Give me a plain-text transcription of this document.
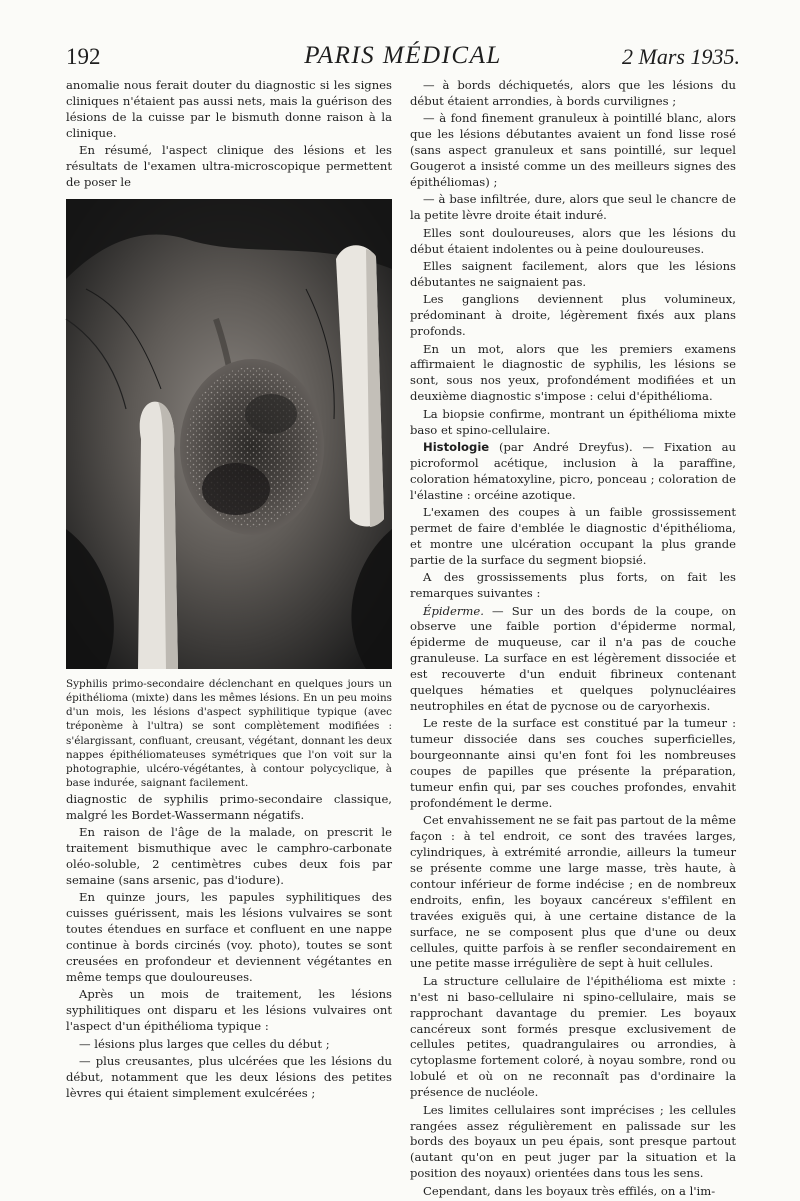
192	PARIS MÉDICAL	2 Mars 1935.

anomalie nous ferait douter du diagnostic si les signes cliniques n'étaient pas aussi nets, mais la guérison des lésions de la cuisse par le bismuth donne raison à la clinique.

En résumé, l'aspect clinique des lésions et les résultats de l'examen ultra-microscopique permettent de poser le

Syphilis primo-secondaire déclenchant en quelques jours un épithélioma (mixte) dans les mêmes lésions. En un peu moins d'un mois, les lésions d'aspect syphilitique typique (avec tréponème à l'ultra) se sont complètement modifiées : s'élargissant, confluant, creusant, végétant, donnant les deux nappes épithéliomateuses symétriques que l'on voit sur la photographie, ulcéro-végétantes, à contour polycyclique, à base indurée, saignant facilement.

diagnostic de syphilis primo-secondaire classique, malgré les Bordet-Wassermann négatifs.

En raison de l'âge de la malade, on prescrit le traitement bismuthique avec le camphro-carbonate oléo-soluble, 2 centimètres cubes deux fois par semaine (sans arsenic, pas d'iodure).

En quinze jours, les papules syphilitiques des cuisses guérissent, mais les lésions vulvaires se sont toutes étendues en surface et confluent en une nappe continue à bords circinés (voy. photo), toutes se sont creusées en profondeur et deviennent végétantes en même temps que douloureuses.

Après un mois de traitement, les lésions syphilitiques ont disparu et les lésions vulvaires ont l'aspect d'un épithélioma typique :

— lésions plus larges que celles du début ;

— plus creusantes, plus ulcérées que les lésions du début, notamment que les deux lésions des petites lèvres qui étaient simplement exulcérées ;

— à bords déchiquetés, alors que les lésions du début étaient arrondies, à bords curvilignes ;

— à fond finement granuleux à pointillé blanc, alors que les lésions débutantes avaient un fond lisse rosé (sans aspect granuleux et sans pointillé, sur lequel Gougerot a insisté comme un des meilleurs signes des épithéliomas) ;

— à base infiltrée, dure, alors que seul le chancre de la petite lèvre droite était induré.

Elles sont douloureuses, alors que les lésions du début étaient indolentes ou à peine douloureuses.

Elles saignent facilement, alors que les lésions débutantes ne saignaient pas.

Les ganglions deviennent plus volumineux, prédominant à droite, légèrement fixés aux plans profonds.

En un mot, alors que les premiers examens affirmaient le diagnostic de syphilis, les lésions se sont, sous nos yeux, profondément modifiées et un deuxième diagnostic s'impose : celui d'épithélioma.

La biopsie confirme, montrant un épithélioma mixte baso et spino-cellulaire.

Histologie (par André Dreyfus). — Fixation au picroformol acétique, inclusion à la paraffine, coloration hématoxyline, picro, ponceau ; coloration de l'élastine : orcéine azotique.

L'examen des coupes à un faible grossissement permet de faire d'emblée le diagnostic d'épithélioma, et montre une ulcération occupant la plus grande partie de la surface du segment biopsié.

A des grossissements plus forts, on fait les remarques suivantes :

Épiderme. — Sur un des bords de la coupe, on observe une faible portion d'épiderme normal, épiderme de muqueuse, car il n'a pas de couche granuleuse. La surface en est légèrement dissociée et est recouverte d'un enduit fibrineux contenant quelques hématies et quelques polynucléaires neutrophiles en état de pycnose ou de caryorhexis.

Le reste de la surface est constitué par la tumeur : tumeur dissociée dans ses couches superficielles, bourgeonnante ainsi qu'en font foi les nombreuses coupes de papilles que présente la préparation, tumeur enfin qui, par ses couches profondes, envahit profondément le derme.

Cet envahissement ne se fait pas partout de la même façon : à tel endroit, ce sont des travées larges, cylindriques, à extrémité arrondie, ailleurs la tumeur se présente comme une large masse, très haute, à contour inférieur de forme indécise ; en de nombreux endroits, enfin, les boyaux cancéreux s'effilent en travées exiguës qui, à une certaine distance de la surface, ne se composent plus que d'une ou deux cellules, quitte parfois à se renfler secondairement en une petite masse irrégulière de sept à huit cellules.

La structure cellulaire de l'épithélioma est mixte : n'est ni baso-cellulaire ni spino-cellulaire, mais se rapprochant davantage du premier. Les boyaux cancéreux sont formés presque exclusivement de cellules petites, quadrangulaires ou arrondies, à cytoplasme fortement coloré, à noyau sombre, rond ou lobulé et où on ne reconnaît pas d'ordinaire la présence de nucléole.

Les limites cellulaires sont imprécises ; les cellules rangées assez régulièrement en palissade sur les bords des boyaux un peu épais, sont presque partout (autant qu'on en peut juger par la situation et la position des noyaux) orientées dans tous les sens.

Cependant, dans les boyaux très effilés, on a l'im-
